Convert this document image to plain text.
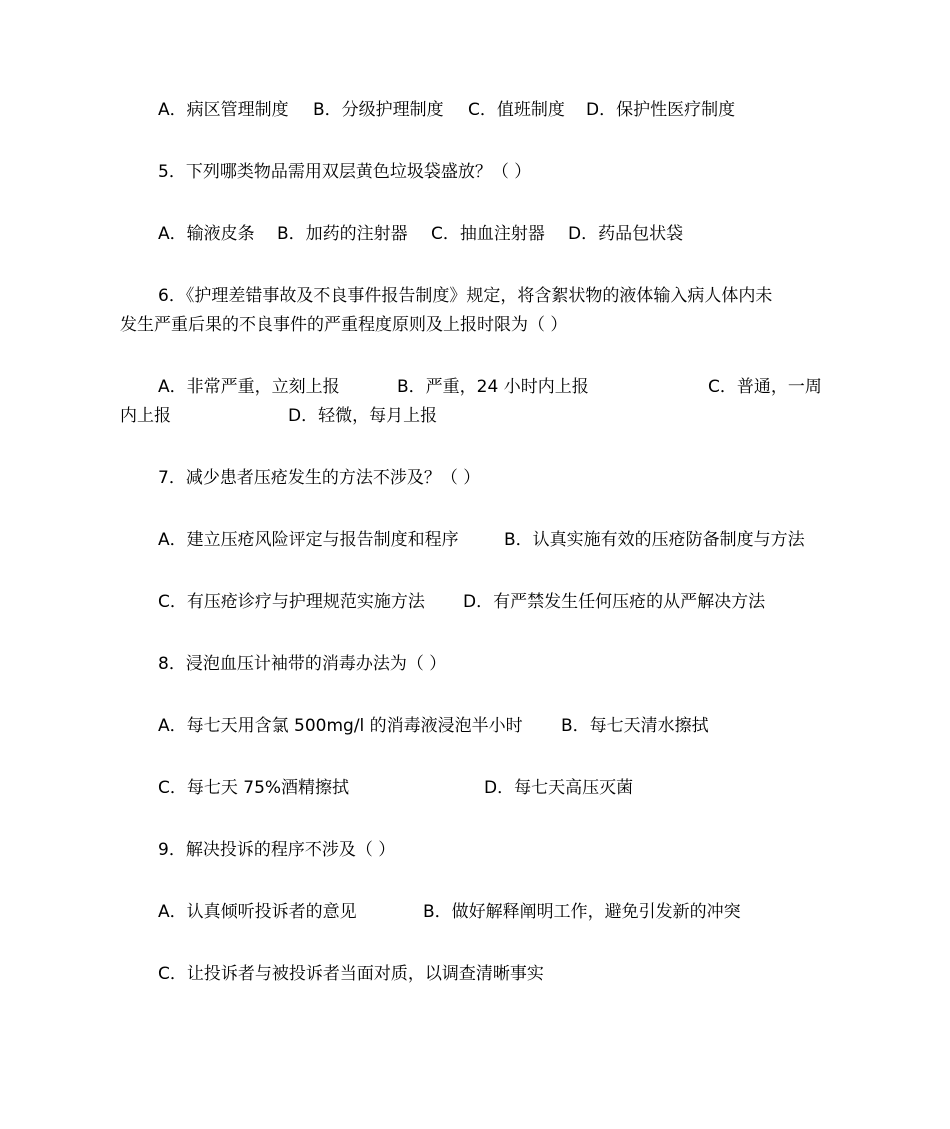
A．病区管理制度 B．分级护理制度 C．值班制度 D．保护性医疗制度
5．下列哪类物品需用双层黄色垃圾袋盛放？（ ）
A．输液皮条 B．加药的注射器 C．抽血注射器 D．药品包状袋
6．《护理差错事故及不良事件报告制度》规定，将含絮状物的液体输入病人体内未
发生严重后果的不良事件的严重程度原则及上报时限为（ ）
A．非常严重，立刻上报	B．严重，24 小时内上报	C．普通，一周
内上报	D．轻微，每月上报
7．减少患者压疮发生的方法不涉及？（ ）
A．建立压疮风险评定与报告制度和程序	B．认真实施有效的压疮防备制度与方法
C．有压疮诊疗与护理规范实施方法 D．有严禁发生任何压疮的从严解决方法
8．浸泡血压计袖带的消毒办法为（ ）
A．每七天用含氯 500mg/l 的消毒液浸泡半小时 B．每七天清水擦拭
C．每七天 75%酒精擦拭	D．每七天高压灭菌
9．解决投诉的程序不涉及（ ）
A．认真倾听投诉者的意见	B．做好解释阐明工作，避免引发新的冲突
C．让投诉者与被投诉者当面对质，以调查清晰事实
